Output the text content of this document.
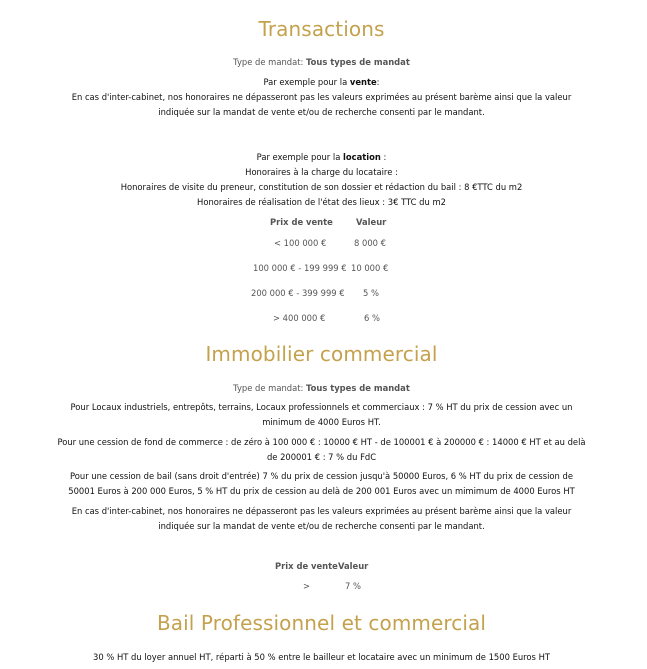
Transactions
Type de mandat: Tous types de mandat
Par exemple pour la vente:
En cas d'inter-cabinet, nos honoraires ne dépasseront pas les valeurs exprimées au présent barème ainsi que la valeur
indiquée sur la mandat de vente et/ou de recherche consenti par le mandant.
Par exemple pour la location :
Honoraires à la charge du locataire :
Honoraires de visite du preneur, constitution de son dossier et rédaction du bail : 8 €TTC du m2
Honoraires de réalisation de l'état des lieux : 3€ TTC du m2
Prix de vente	Valeur
< 100 000 €	8 000 €
100 000 € - 199 999 € 10 000 €
200 000 € - 399 999 € 5 %
> 400 000 €	6 %
Immobilier commercial
Type de mandat: Tous types de mandat
Pour Locaux industriels, entrepôts, terrains, Locaux professionnels et commerciaux : 7 % HT du prix de cession avec un
minimum de 4000 Euros HT.
Pour une cession de fond de commerce : de zéro à 100 000 € : 10000 € HT - de 100001 € à 200000 € : 14000 € HT et au delà
de 200001 € : 7 % du FdC
Pour une cession de bail (sans droit d'entrée) 7 % du prix de cession jusqu'à 50000 Euros, 6 % HT du prix de cession de
50001 Euros à 200 000 Euros, 5 % HT du prix de cession au delà de 200 001 Euros avec un mimimum de 4000 Euros HT
En cas d'inter-cabinet, nos honoraires ne dépasseront pas les valeurs exprimées au présent barème ainsi que la valeur
indiquée sur la mandat de vente et/ou de recherche consenti par le mandant.
Prix de vente Valeur
>	7 %
Bail Professionnel et commercial
30 % HT du loyer annuel HT, réparti à 50 % entre le bailleur et locataire avec un minimum de 1500 Euros HT
